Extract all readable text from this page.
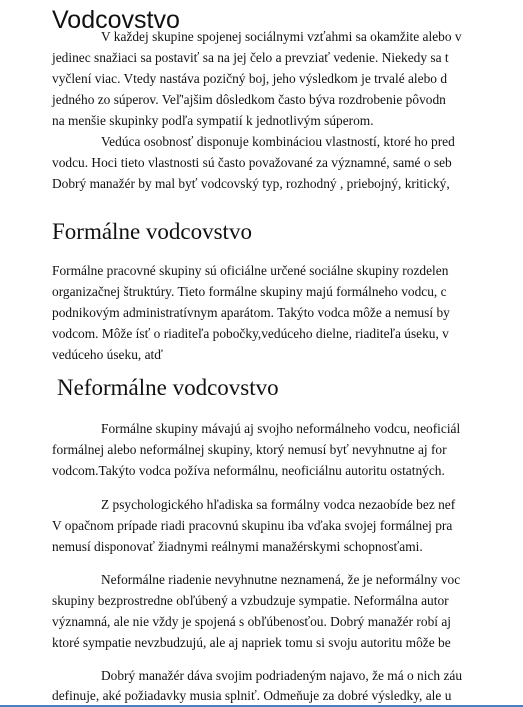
Vodcovstvo

V každej skupine spojenej sociálnymi vzťahmi sa okamžite alebo v

jedinec snažiaci sa postaviť sa na jej čelo a prevziať vedenie. Niekedy sa t

vyčlení viac. Vtedy nastáva pozičný boj, jeho výsledkom je trvalé alebo d

jedného zo súperov. Veľ'ajšim dôsledkom často býva rozdrobenie pôvodn

na menšie skupinky podľa sympatií k jednotlivým súperom.

Vedúca osobnosť disponuje kombináciou vlastností, ktoré ho pred

vodcu. Hoci tieto vlastnosti sú často považované za významné, samé o seb

Dobrý manažér by mal byť vodcovský typ, rozhodný , priebojný, kritický,

Formálne vodcovstvo

Formálne pracovné skupiny sú oficiálne určené sociálne skupiny rozdelen

organizačnej štruktúry. Tieto formálne skupiny majú formálneho vodcu, c

podnikovým administratívnym aparátom. Takýto vodca môže a nemusí by

vodcom. Môže ísť o riaditeľa pobočky,vedúceho dielne, riaditeľa úseku, v

vedúceho úseku, atď

Neformálne vodcovstvo

Formálne skupiny mávajú aj svojho neformálneho vodcu, neoficiál

formálnej alebo neformálnej skupiny, ktorý nemusí byť nevyhnutne aj for

vodcom.Takýto vodca požíva neformálnu, neoficiálnu autoritu ostatných.

Z psychologického hľadiska sa formálny vodca nezaobíde bez nef

V opačnom prípade riadi pracovnú skupinu iba vďaka svojej formálnej pra

nemusí disponovať žiadnymi reálnymi manažérskymi schopnosťami.

Neformálne riadenie nevyhnutne neznamená, že je neformálny voc

skupiny bezprostredne obľúbený a vzbudzuje sympatie. Neformálna autor

významná, ale nie vždy je spojená s obľúbenosťou. Dobrý manažér robí aj

ktoré sympatie nevzbudzujú, ale aj napriek tomu si svoju autoritu môže be

Dobrý manažér dáva svojim podriadeným najavo, že má o nich záu

definuje, aké požiadavky musia splniť. Odmeňuje za dobré výsledky, ale u
